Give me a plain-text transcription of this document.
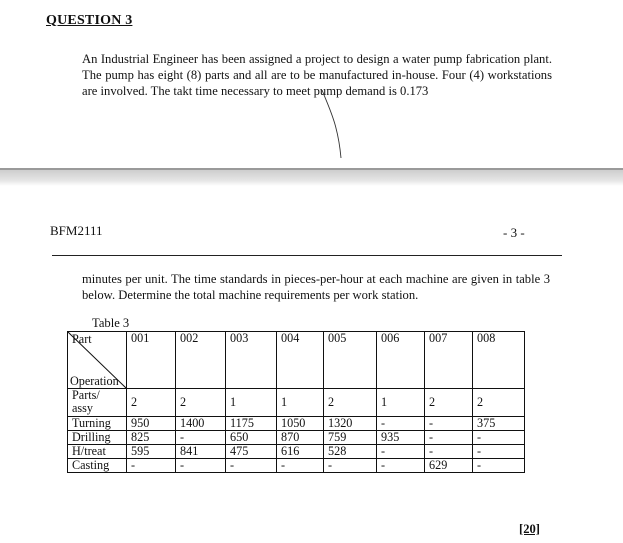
QUESTION 3
An Industrial Engineer has been assigned a project to design a water pump fabrication plant. The pump has eight (8) parts and all are to be manufactured in-house. Four (4) workstations are involved. The takt time necessary to meet pump demand is 0.173
BFM2111	- 3 -
minutes per unit. The time standards in pieces-per-hour at each machine are given in table 3 below. Determine the total machine requirements per work station.
Table 3
Part
Operation	001	002	003	004	005	006	007	008
Parts/ assy	2	2	1	1	2	1	2	2
Turning	950	1400	1175	1050	1320	-	-	375
Drilling	825	-	650	870	759	935	-	-
H/treat	595	841	475	616	528	-	-	-
Casting	-	-	-	-	-	-	629	-
[20]
